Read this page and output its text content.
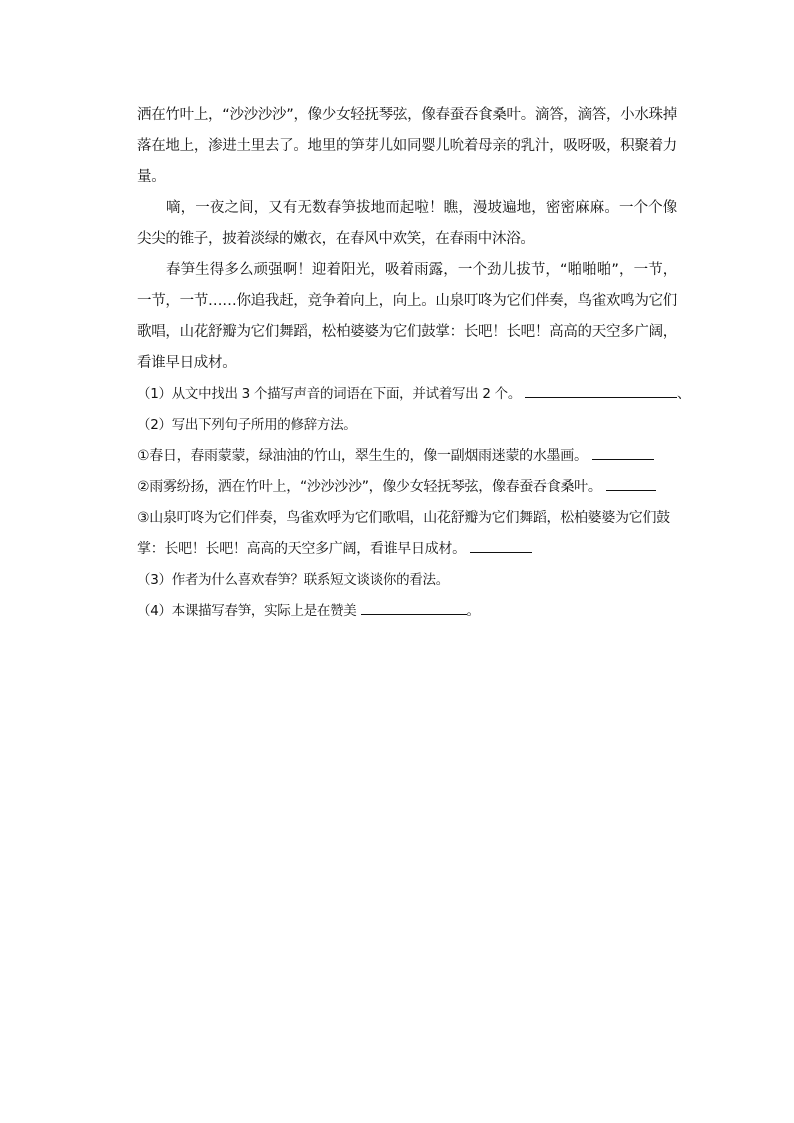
洒在竹叶上，“沙沙沙沙”，像少女轻抚琴弦，像春蚕吞食桑叶。滴答，滴答，小水珠掉落在地上，渗进土里去了。地里的笋芽儿如同婴儿吮着母亲的乳汁，吸呀吸，积聚着力量。

嘀，一夜之间，又有无数春笋拔地而起啦！瞧，漫坡遍地，密密麻麻。一个个像尖尖的锥子，披着淡绿的嫩衣，在春风中欢笑，在春雨中沐浴。

春笋生得多么顽强啊！迎着阳光，吸着雨露，一个劲儿拔节，“啪啪啪”，一节，一节，一节……你追我赶，竞争着向上，向上。山泉叮咚为它们伴奏，鸟雀欢鸣为它们歌唱，山花舒瓣为它们舞蹈，松柏婆婆为它们鼓掌：长吧！长吧！高高的天空多广阔，看谁早日成材。

（1）从文中找出 3 个描写声音的词语在下面，并试着写出 2 个。	、

（2）写出下列句子所用的修辞方法。

①春日，春雨蒙蒙，绿油油的竹山，翠生生的，像一副烟雨迷蒙的水墨画。

②雨雾纷扬，洒在竹叶上，“沙沙沙沙”，像少女轻抚琴弦，像春蚕吞食桑叶。

③山泉叮咚为它们伴奏，鸟雀欢呼为它们歌唱，山花舒瓣为它们舞蹈，松柏婆婆为它们鼓掌：长吧！长吧！高高的天空多广阔，看谁早日成材。

（3）作者为什么喜欢春笋？联系短文谈谈你的看法。

（4）本课描写春笋，实际上是在赞美	。
